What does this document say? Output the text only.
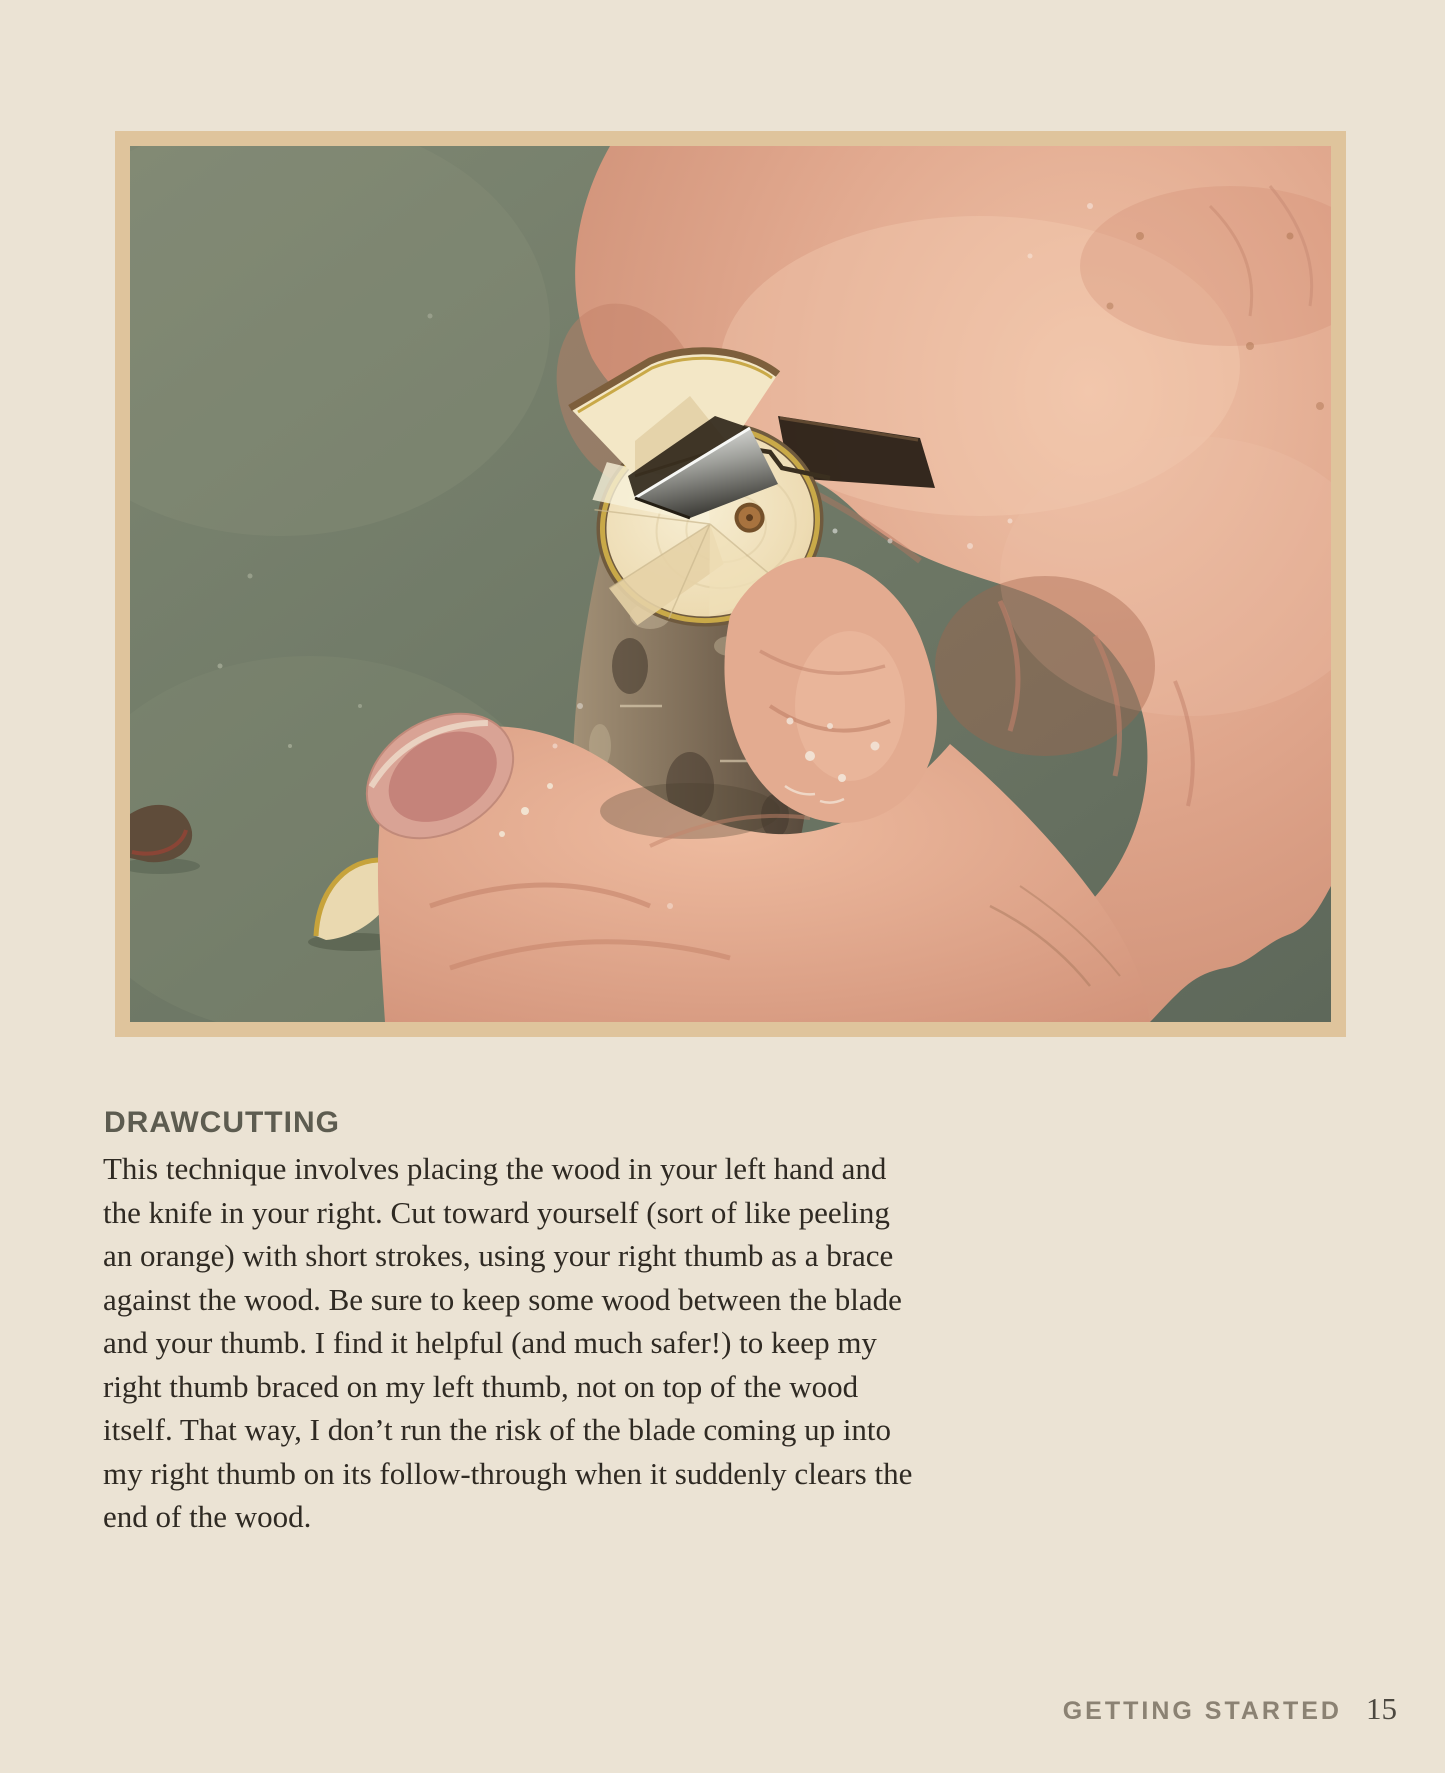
DRAWCUTTING
This technique involves placing the wood in your left hand and
the knife in your right. Cut toward yourself (sort of like peeling
an orange) with short strokes, using your right thumb as a brace
against the wood. Be sure to keep some wood between the blade
and your thumb. I find it helpful (and much safer!) to keep my
right thumb braced on my left thumb, not on top of the wood
itself. That way, I don’t run the risk of the blade coming up into
my right thumb on its follow-through when it suddenly clears the
end of the wood.
GETTING STARTED 15
